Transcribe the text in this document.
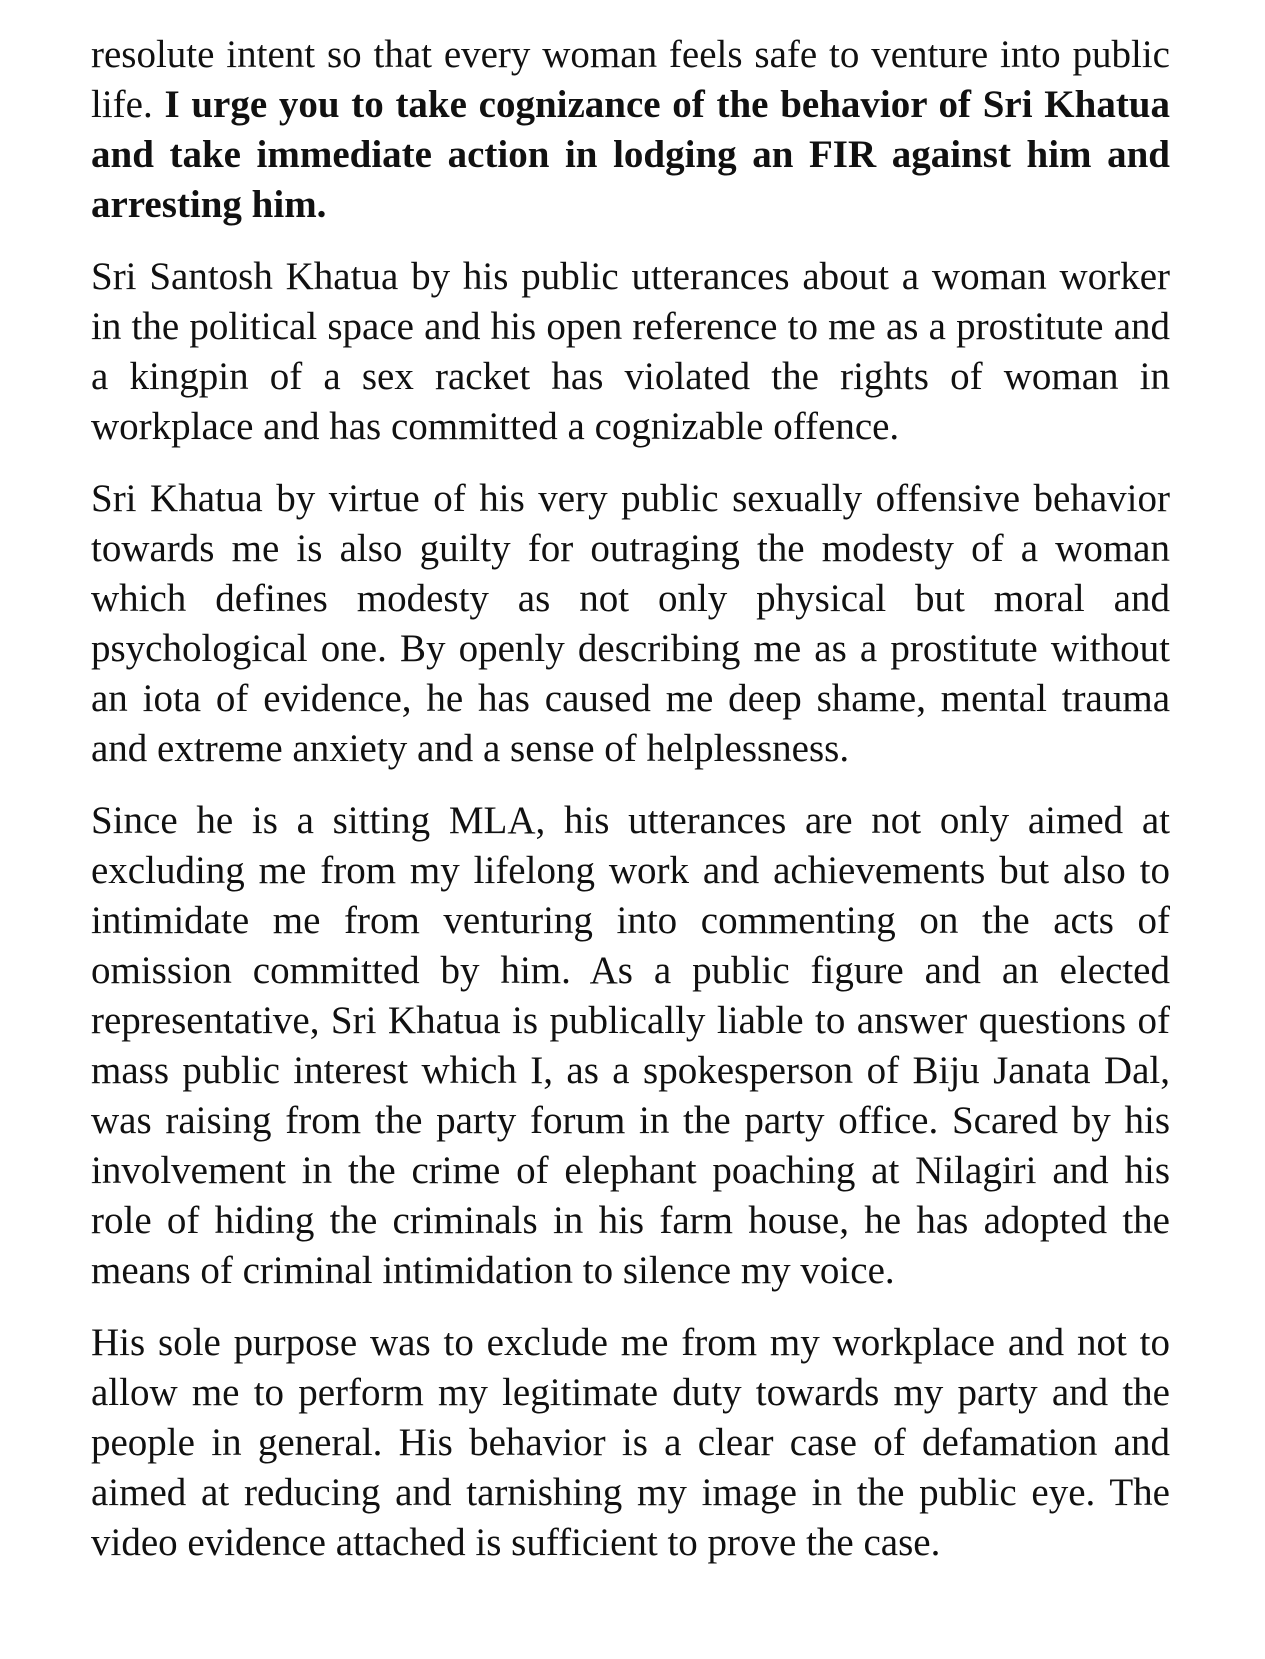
resolute intent so that every woman feels safe to venture into public life. I urge you to take cognizance of the behavior of Sri Khatua and take immediate action in lodging an FIR against him and arresting him.

Sri Santosh Khatua by his public utterances about a woman worker in the political space and his open reference to me as a prostitute and a kingpin of a sex racket has violated the rights of woman in workplace and has committed a cognizable offence.

Sri Khatua by virtue of his very public sexually offensive behavior towards me is also guilty for outraging the modesty of a woman which defines modesty as not only physical but moral and psychological one. By openly describing me as a prostitute without an iota of evidence, he has caused me deep shame, mental trauma and extreme anxiety and a sense of helplessness.

Since he is a sitting MLA, his utterances are not only aimed at excluding me from my lifelong work and achievements but also to intimidate me from venturing into commenting on the acts of omission committed by him. As a public figure and an elected representative, Sri Khatua is publically liable to answer questions of mass public interest which I, as a spokesperson of Biju Janata Dal, was raising from the party forum in the party office. Scared by his involvement in the crime of elephant poaching at Nilagiri and his role of hiding the criminals in his farm house, he has adopted the means of criminal intimidation to silence my voice.

His sole purpose was to exclude me from my workplace and not to allow me to perform my legitimate duty towards my party and the people in general. His behavior is a clear case of defamation and aimed at reducing and tarnishing my image in the public eye. The video evidence attached is sufficient to prove the case.
